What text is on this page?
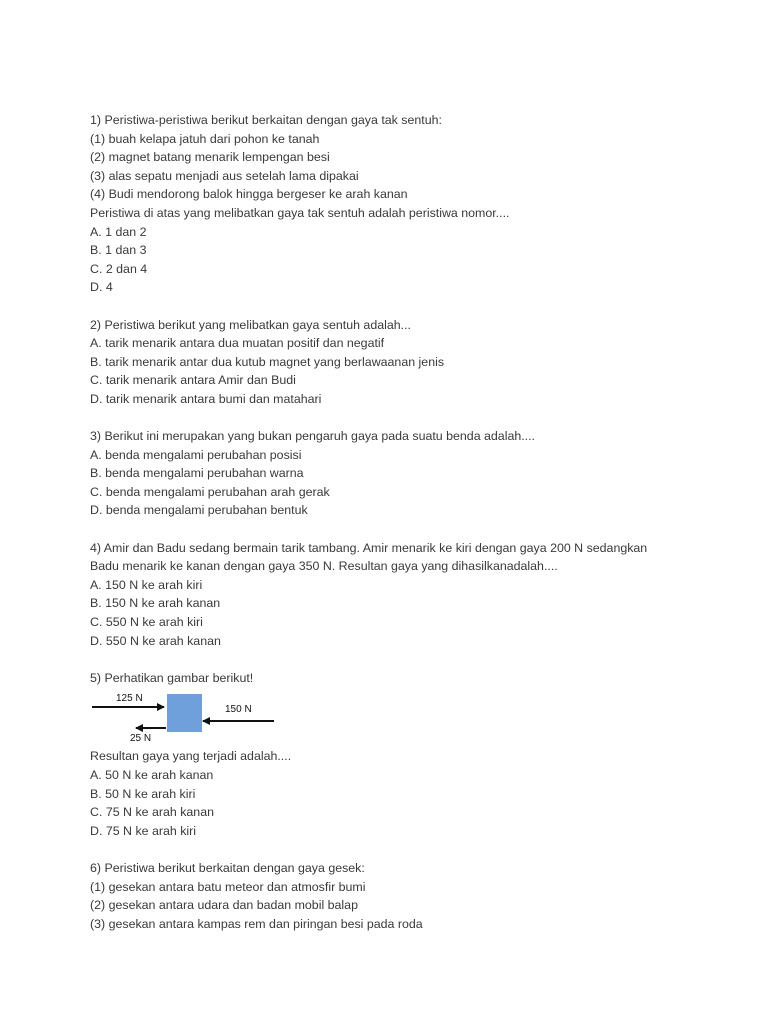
1) Peristiwa-peristiwa berikut berkaitan dengan gaya tak sentuh:
(1) buah kelapa jatuh dari pohon ke tanah
(2) magnet batang menarik lempengan besi
(3) alas sepatu menjadi aus setelah lama dipakai
(4) Budi mendorong balok hingga bergeser ke arah kanan
Peristiwa di atas yang melibatkan gaya tak sentuh adalah peristiwa nomor....
A. 1 dan 2
B. 1 dan 3
C. 2 dan 4
D. 4
2) Peristiwa berikut yang melibatkan gaya sentuh adalah...
A. tarik menarik antara dua muatan positif dan negatif
B. tarik menarik antar dua kutub magnet yang berlawaanan jenis
C. tarik menarik antara Amir dan Budi
D. tarik menarik antara bumi dan matahari
3) Berikut ini merupakan yang bukan pengaruh gaya pada suatu benda adalah....
A. benda mengalami perubahan posisi
B. benda mengalami perubahan warna
C. benda mengalami perubahan arah gerak
D. benda mengalami perubahan bentuk
4) Amir dan Badu sedang bermain tarik tambang. Amir menarik ke kiri dengan gaya 200 N sedangkan
Badu menarik ke kanan dengan gaya 350 N. Resultan gaya yang dihasilkanadalah....
A. 150 N ke arah kiri
B. 150 N ke arah kanan
C. 550 N ke arah kiri
D. 550 N ke arah kanan
5) Perhatikan gambar berikut!
125 N
25 N
150 N
Resultan gaya yang terjadi adalah....
A. 50 N ke arah kanan
B. 50 N ke arah kiri
C. 75 N ke arah kanan
D. 75 N ke arah kiri
6) Peristiwa berikut berkaitan dengan gaya gesek:
(1) gesekan antara batu meteor dan atmosfir bumi
(2) gesekan antara udara dan badan mobil balap
(3) gesekan antara kampas rem dan piringan besi pada roda
